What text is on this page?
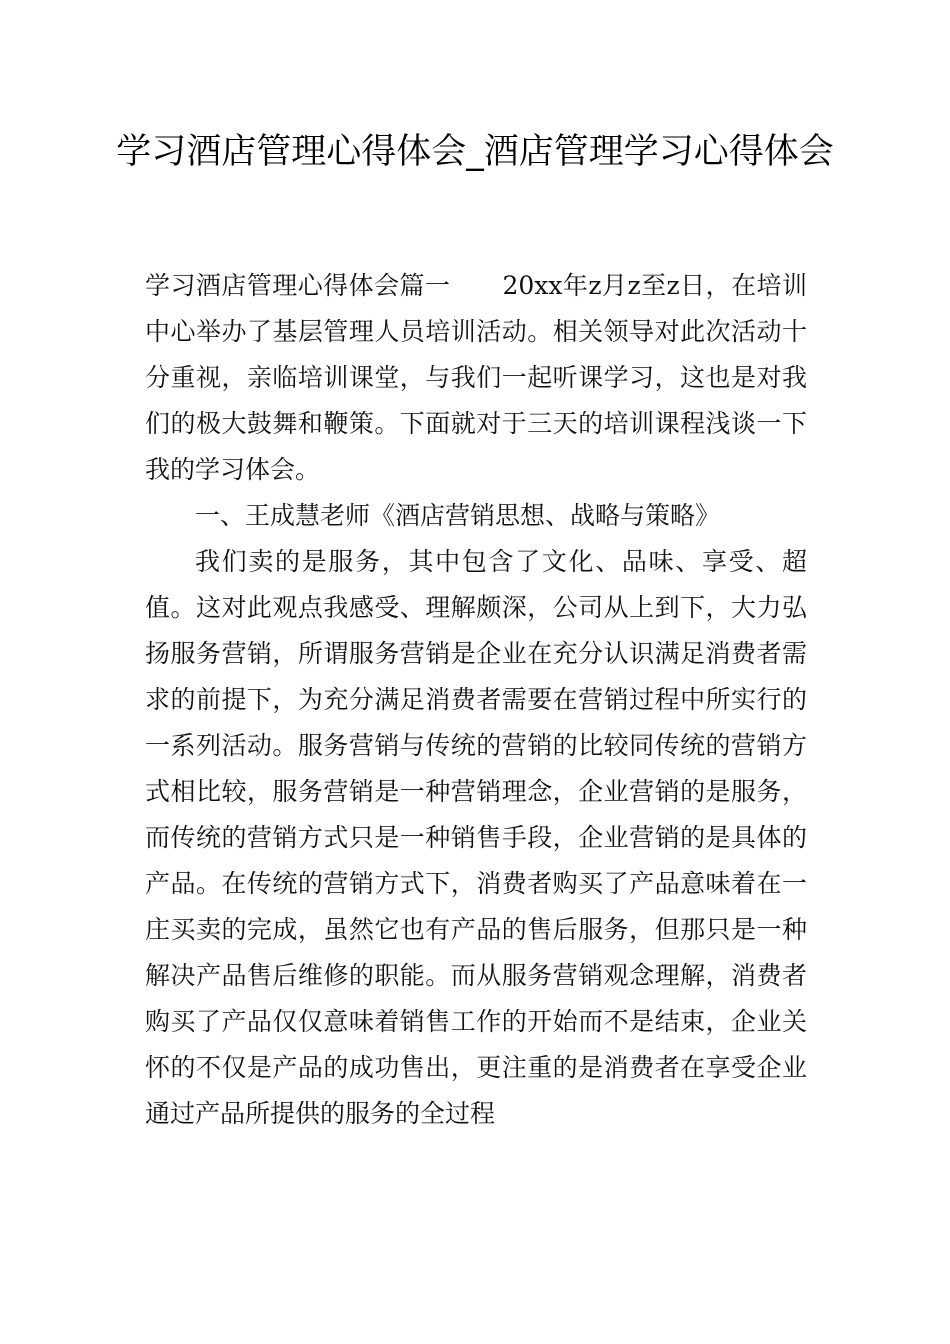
学习酒店管理心得体会_酒店管理学习心得体会

学习酒店管理心得体会篇一 20xx年z月z至z日，在培训中心举办了基层管理人员培训活动。相关领导对此次活动十分重视，亲临培训课堂，与我们一起听课学习，这也是对我们的极大鼓舞和鞭策。下面就对于三天的培训课程浅谈一下我的学习体会。

一、王成慧老师《酒店营销思想、战略与策略》

我们卖的是服务，其中包含了文化、品味、享受、超值。这对此观点我感受、理解颇深，公司从上到下，大力弘扬服务营销，所谓服务营销是企业在充分认识满足消费者需求的前提下，为充分满足消费者需要在营销过程中所实行的一系列活动。服务营销与传统的营销的比较同传统的营销方式相比较，服务营销是一种营销理念，企业营销的是服务，而传统的营销方式只是一种销售手段，企业营销的是具体的产品。在传统的营销方式下，消费者购买了产品意味着在一庄买卖的完成，虽然它也有产品的售后服务，但那只是一种解决产品售后维修的职能。而从服务营销观念理解，消费者购买了产品仅仅意味着销售工作的开始而不是结束，企业关怀的不仅是产品的成功售出，更注重的是消费者在享受企业通过产品所提供的服务的全过程
